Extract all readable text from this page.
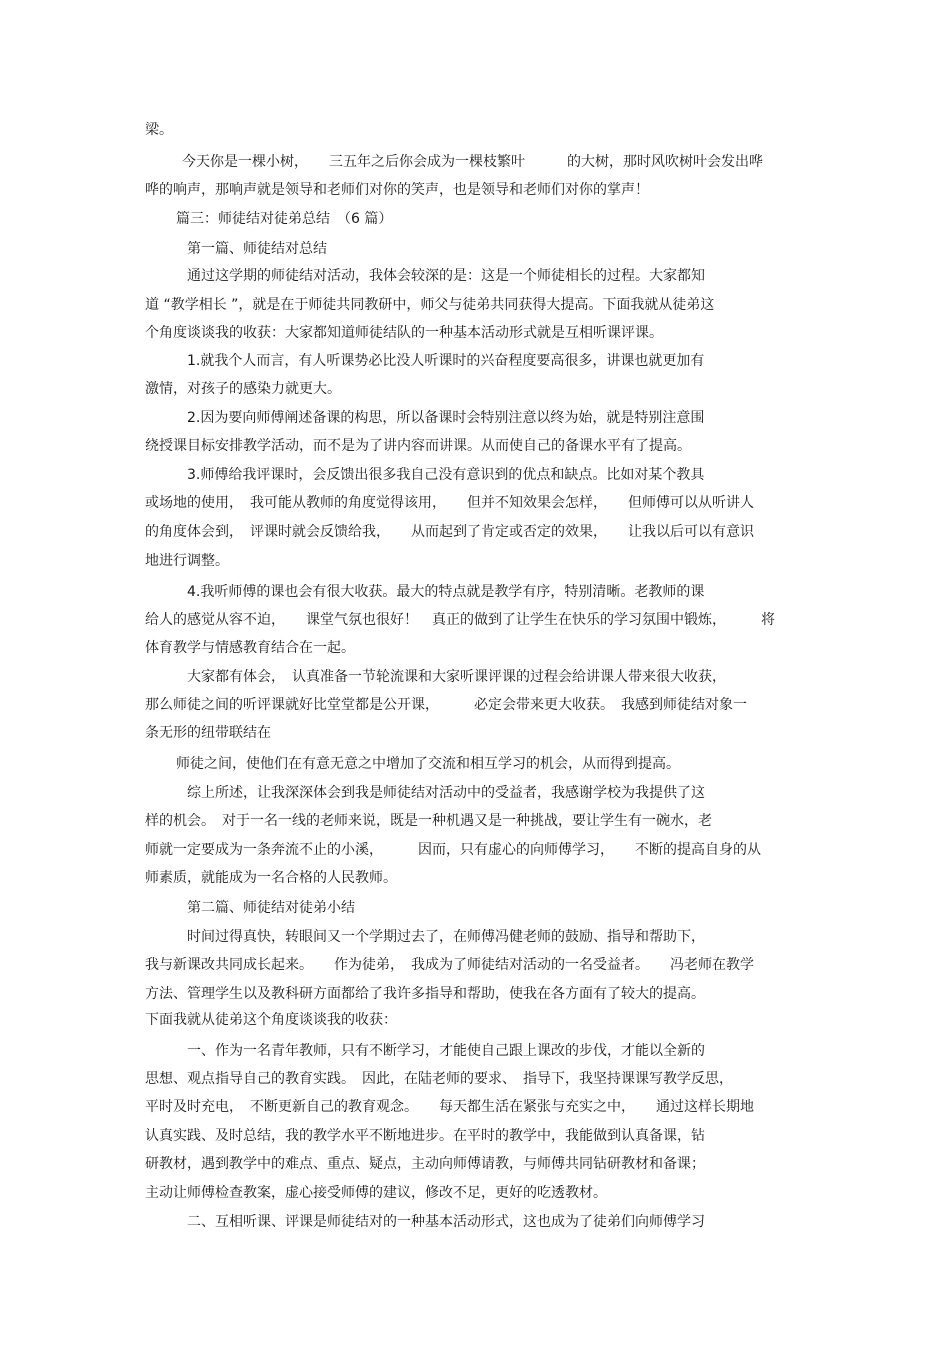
梁。
今天你是一棵小树，　　三五年之后你会成为一棵枝繁叶　　　的大树，那时风吹树叶会发出哗
哗的响声，那响声就是领导和老师们对你的笑声，也是领导和老师们对你的掌声！
篇三：师徒结对徒弟总结　（6 篇）
第一篇、师徒结对总结
通过这学期的师徒结对活动，我体会较深的是：这是一个师徒相长的过程。大家都知
道 “教学相长 ”，就是在于师徒共同教研中，师父与徒弟共同获得大提高。下面我就从徒弟这
个角度谈谈我的收获：大家都知道师徒结队的一种基本活动形式就是互相听课评课。
1.就我个人而言，有人听课势必比没人听课时的兴奋程度要高很多，讲课也就更加有
激情，对孩子的感染力就更大。
2.因为要向师傅阐述备课的构思，所以备课时会特别注意以终为始，就是特别注意围
绕授课目标安排教学活动，而不是为了讲内容而讲课。从而使自己的备课水平有了提高。
3.师傅给我评课时，会反馈出很多我自己没有意识到的优点和缺点。比如对某个教具
或场地的使用，　我可能从教师的角度觉得该用，　　但并不知效果会怎样，　　但师傅可以从听讲人
的角度体会到，　评课时就会反馈给我，　　从而起到了肯定或否定的效果，　　让我以后可以有意识
地进行调整。
4.我听师傅的课也会有很大收获。最大的特点就是教学有序，特别清晰。老教师的课
给人的感觉从容不迫，　　课堂气氛也很好！　真正的做到了让学生在快乐的学习氛围中锻炼，　　　将
体育教学与情感教育结合在一起。
大家都有体会，　认真准备一节轮流课和大家听课评课的过程会给讲课人带来很大收获，
那么师徒之间的听评课就好比堂堂都是公开课，　　　必定会带来更大收获。　我感到师徒结对象一
条无形的纽带联结在
师徒之间，使他们在有意无意之中增加了交流和相互学习的机会，从而得到提高。
综上所述，让我深深体会到我是师徒结对活动中的受益者，我感谢学校为我提供了这
样的机会。　对于一名一线的老师来说，既是一种机遇又是一种挑战，要让学生有一碗水，老
师就一定要成为一条奔流不止的小溪，　　　因而，只有虚心的向师傅学习，　　不断的提高自身的从
师素质，就能成为一名合格的人民教师。
第二篇、师徒结对徒弟小结
时间过得真快，转眼间又一个学期过去了，在师傅冯健老师的鼓励、指导和帮助下，
我与新课改共同成长起来。　　作为徒弟，　我成为了师徒结对活动的一名受益者。　　冯老师在教学
方法、管理学生以及教科研方面都给了我许多指导和帮助，使我在各方面有了较大的提高。
下面我就从徒弟这个角度谈谈我的收获：
一、作为一名青年教师，只有不断学习，才能使自己跟上课改的步伐，才能以全新的
思想、观点指导自己的教育实践。　因此，在陆老师的要求、　指导下，我坚持课课写教学反思，
平时及时充电，　不断更新自己的教育观念。　　每天都生活在紧张与充实之中，　　通过这样长期地
认真实践、及时总结，我的教学水平不断地进步。在平时的教学中，我能做到认真备课，钻
研教材，遇到教学中的难点、重点、疑点，主动向师傅请教，与师傅共同钻研教材和备课；
主动让师傅检查教案，虚心接受师傅的建议，修改不足，更好的吃透教材。
二、互相听课、评课是师徒结对的一种基本活动形式，这也成为了徒弟们向师傅学习
